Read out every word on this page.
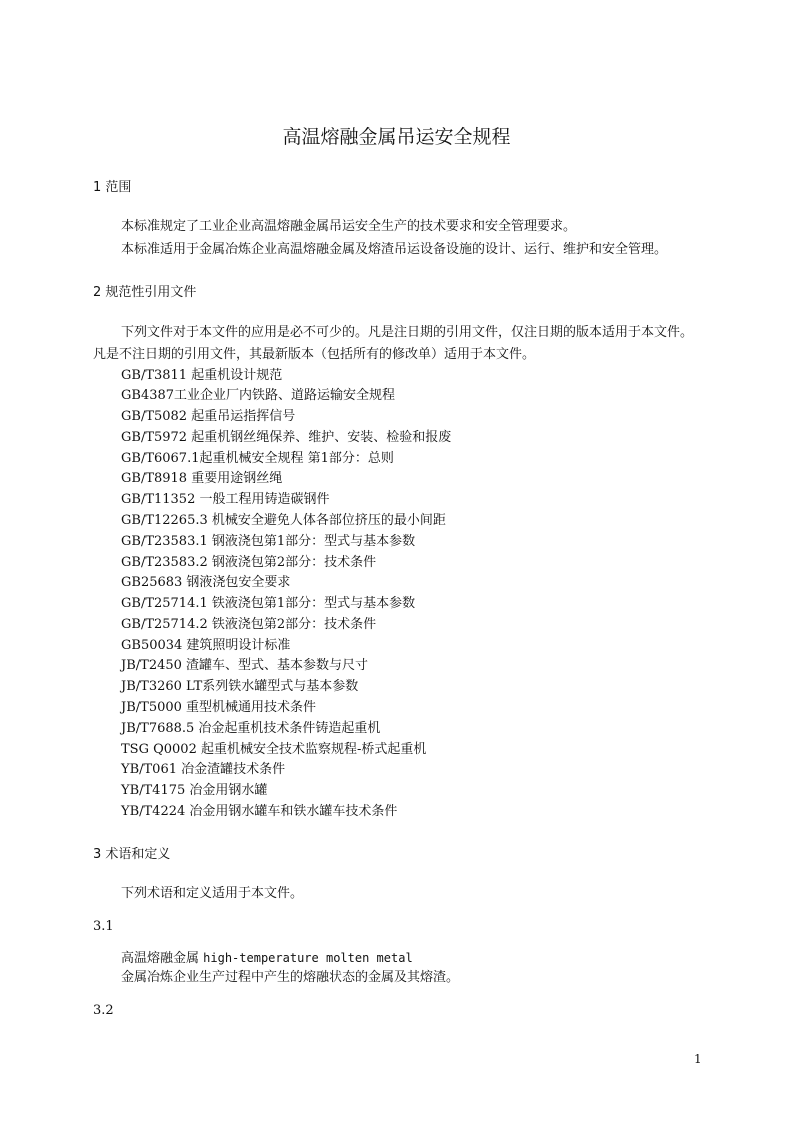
高温熔融金属吊运安全规程
1 范围
本标准规定了工业企业高温熔融金属吊运安全生产的技术要求和安全管理要求。
本标准适用于金属冶炼企业高温熔融金属及熔渣吊运设备设施的设计、运行、维护和安全管理。
2 规范性引用文件
下列文件对于本文件的应用是必不可少的。凡是注日期的引用文件，仅注日期的版本适用于本文件。
凡是不注日期的引用文件，其最新版本（包括所有的修改单）适用于本文件。
GB/T3811 起重机设计规范
GB4387工业企业厂内铁路、道路运输安全规程
GB/T5082 起重吊运指挥信号
GB/T5972 起重机钢丝绳保养、维护、安装、检验和报废
GB/T6067.1起重机械安全规程 第1部分：总则
GB/T8918 重要用途钢丝绳
GB/T11352 一般工程用铸造碳钢件
GB/T12265.3 机械安全避免人体各部位挤压的最小间距
GB/T23583.1 钢液浇包第1部分：型式与基本参数
GB/T23583.2 钢液浇包第2部分：技术条件
GB25683 钢液浇包安全要求
GB/T25714.1 铁液浇包第1部分：型式与基本参数
GB/T25714.2 铁液浇包第2部分：技术条件
GB50034 建筑照明设计标准
JB/T2450 渣罐车、型式、基本参数与尺寸
JB/T3260 LT系列铁水罐型式与基本参数
JB/T5000 重型机械通用技术条件
JB/T7688.5 冶金起重机技术条件铸造起重机
TSG Q0002 起重机械安全技术监察规程-桥式起重机
YB/T061 冶金渣罐技术条件
YB/T4175 冶金用钢水罐
YB/T4224 冶金用钢水罐车和铁水罐车技术条件
3 术语和定义
下列术语和定义适用于本文件。
3.1
高温熔融金属 high-temperature molten metal
金属冶炼企业生产过程中产生的熔融状态的金属及其熔渣。
3.2
1
